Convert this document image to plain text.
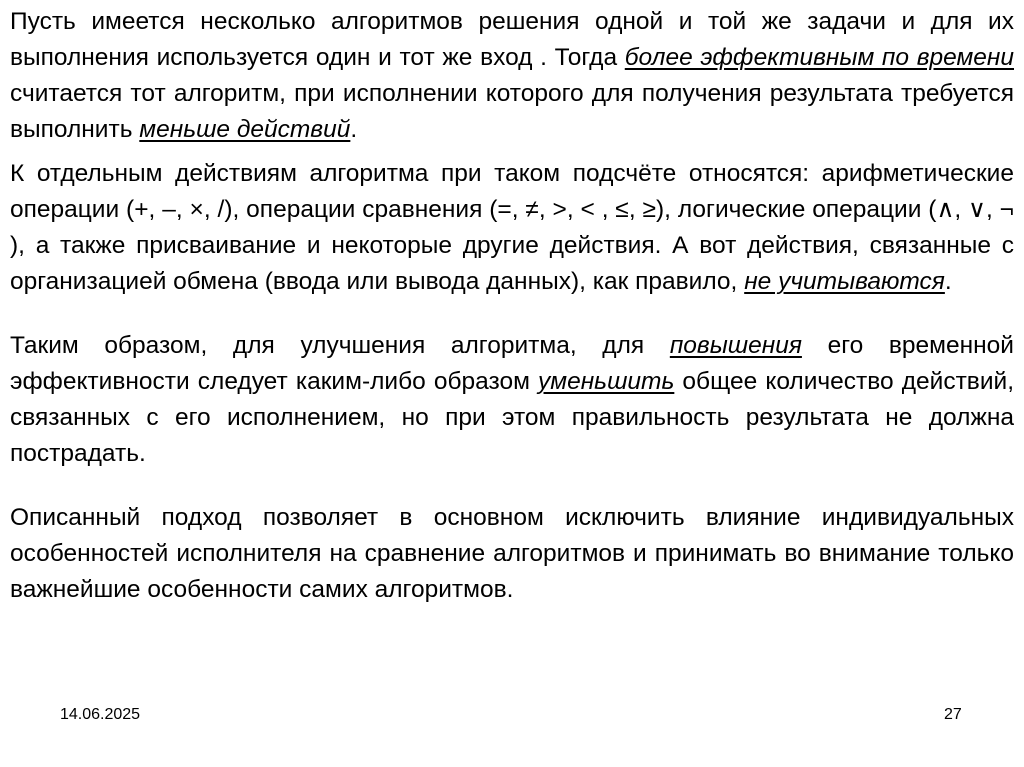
Пусть имеется несколько алгоритмов решения одной и той же задачи и для их выполнения используется один и тот же вход . Тогда более эффективным по времени считается тот алгоритм, при исполнении которого для получения результата требуется выполнить меньше действий.

К отдельным действиям алгоритма при таком подсчёте относятся: арифметические операции (+, –, ×, /), операции сравнения (=, ≠, >, < , ≤, ≥), логические операции (∧, ∨, ¬ ), а также присваивание и некоторые другие действия. А вот действия, связанные с организацией обмена (ввода или вывода данных), как правило, не учитываются.

Таким образом, для улучшения алгоритма, для повышения его временной эффективности следует каким-либо образом уменьшить общее количество действий, связанных с его исполнением, но при этом правильность результата не должна пострадать.

Описанный подход позволяет в основном исключить влияние индивидуальных особенностей исполнителя на сравнение алгоритмов и принимать во внимание только важнейшие особенности самих алгоритмов.

14.06.2025	27
